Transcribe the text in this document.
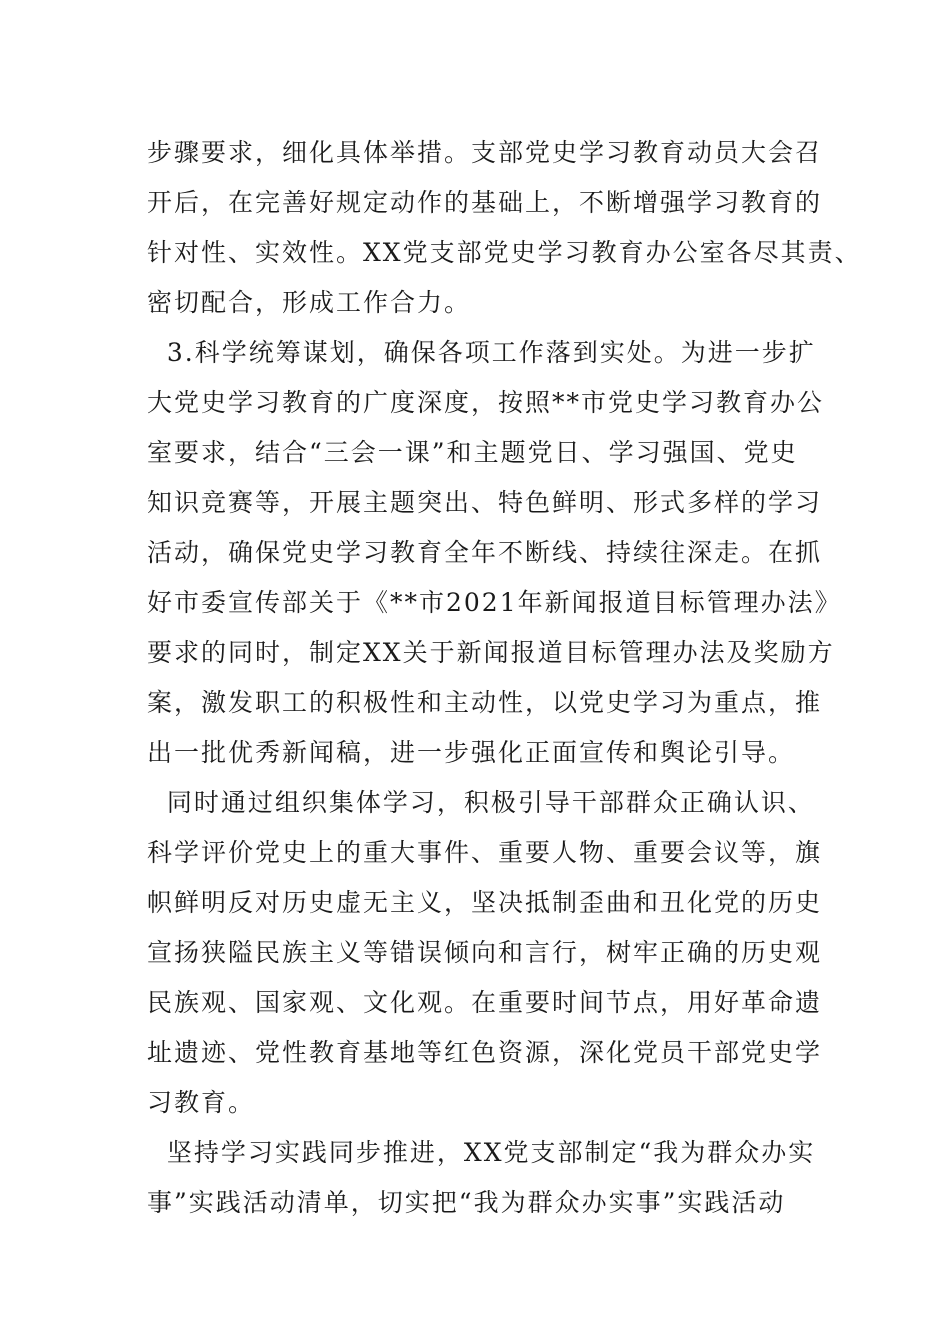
步骤要求，细化具体举措。支部党史学习教育动员大会召
开后，在完善好规定动作的基础上，不断增强学习教育的
针对性、实效性。XX党支部党史学习教育办公室各尽其责、
密切配合，形成工作合力。
3.科学统筹谋划，确保各项工作落到实处。为进一步扩
大党史学习教育的广度深度，按照**市党史学习教育办公
室要求，结合“三会一课”和主题党日、学习强国、党史
知识竞赛等，开展主题突出、特色鲜明、形式多样的学习
活动，确保党史学习教育全年不断线、持续往深走。在抓
好市委宣传部关于《**市2021年新闻报道目标管理办法》
要求的同时，制定XX关于新闻报道目标管理办法及奖励方
案，激发职工的积极性和主动性，以党史学习为重点，推
出一批优秀新闻稿，进一步强化正面宣传和舆论引导。
同时通过组织集体学习，积极引导干部群众正确认识、
科学评价党史上的重大事件、重要人物、重要会议等，旗
帜鲜明反对历史虚无主义，坚决抵制歪曲和丑化党的历史
宣扬狭隘民族主义等错误倾向和言行，树牢正确的历史观
民族观、国家观、文化观。在重要时间节点，用好革命遗
址遗迹、党性教育基地等红色资源，深化党员干部党史学
习教育。
坚持学习实践同步推进，XX党支部制定“我为群众办实
事”实践活动清单，切实把“我为群众办实事”实践活动
